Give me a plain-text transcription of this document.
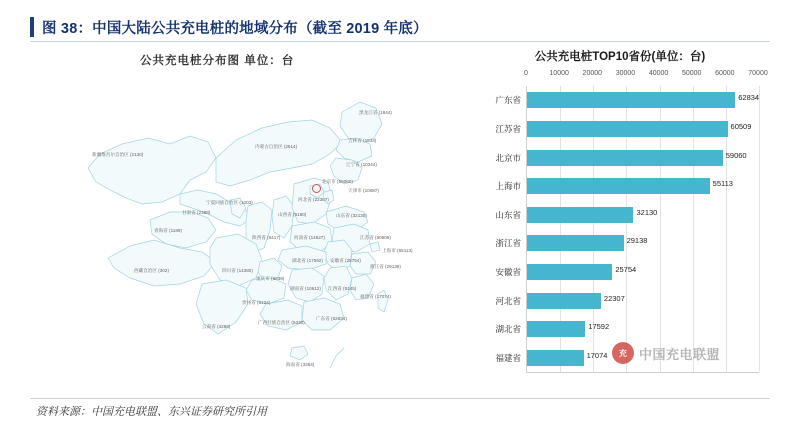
图 38：中国大陆公共充电桩的地域分布（截至 2019 年底）
公共充电桩分布图 单位：台
黑龙江省 (1844)
吉林省 (1533)
新疆维吾尔自治区 (2130)
辽宁省 (10344)
内蒙古自治区 (2514)
北京市 (59060)
天津市 (10087)
河北省 (22307)
山西省 (5180)
宁夏回族自治区 (1003)
山东省 (32130)
甘肃省 (2388)
青海省 (1189)
陕西省 (8417)	河南省 (14627)	江苏省 (60509)
安徽省 (25754)
上海市 (55113)
西藏自治区 (302)	四川省 (14380)
湖北省 (17592)
浙江省 (29138)
重庆市 (6339)
湖南省 (10612) 江西省 (9145)
福建省 (17074)
贵州省 (5124)
云南省 (4268)
广西壮族自治区 (5330)
广东省 (62834)
海南省 (3364)
公共充电桩TOP10省份(单位：台)
0	10000 20000 30000 40000 50000 60000 70000
广东省	62834
江苏省	60509
北京市	59060
上海市	55113
山东省	32130
浙江省	29138
安徽省	25754
河北省	22307
湖北省	17592
福建省	17074	充 中国充电联盟
资料来源：中国充电联盟、东兴证券研究所引用
